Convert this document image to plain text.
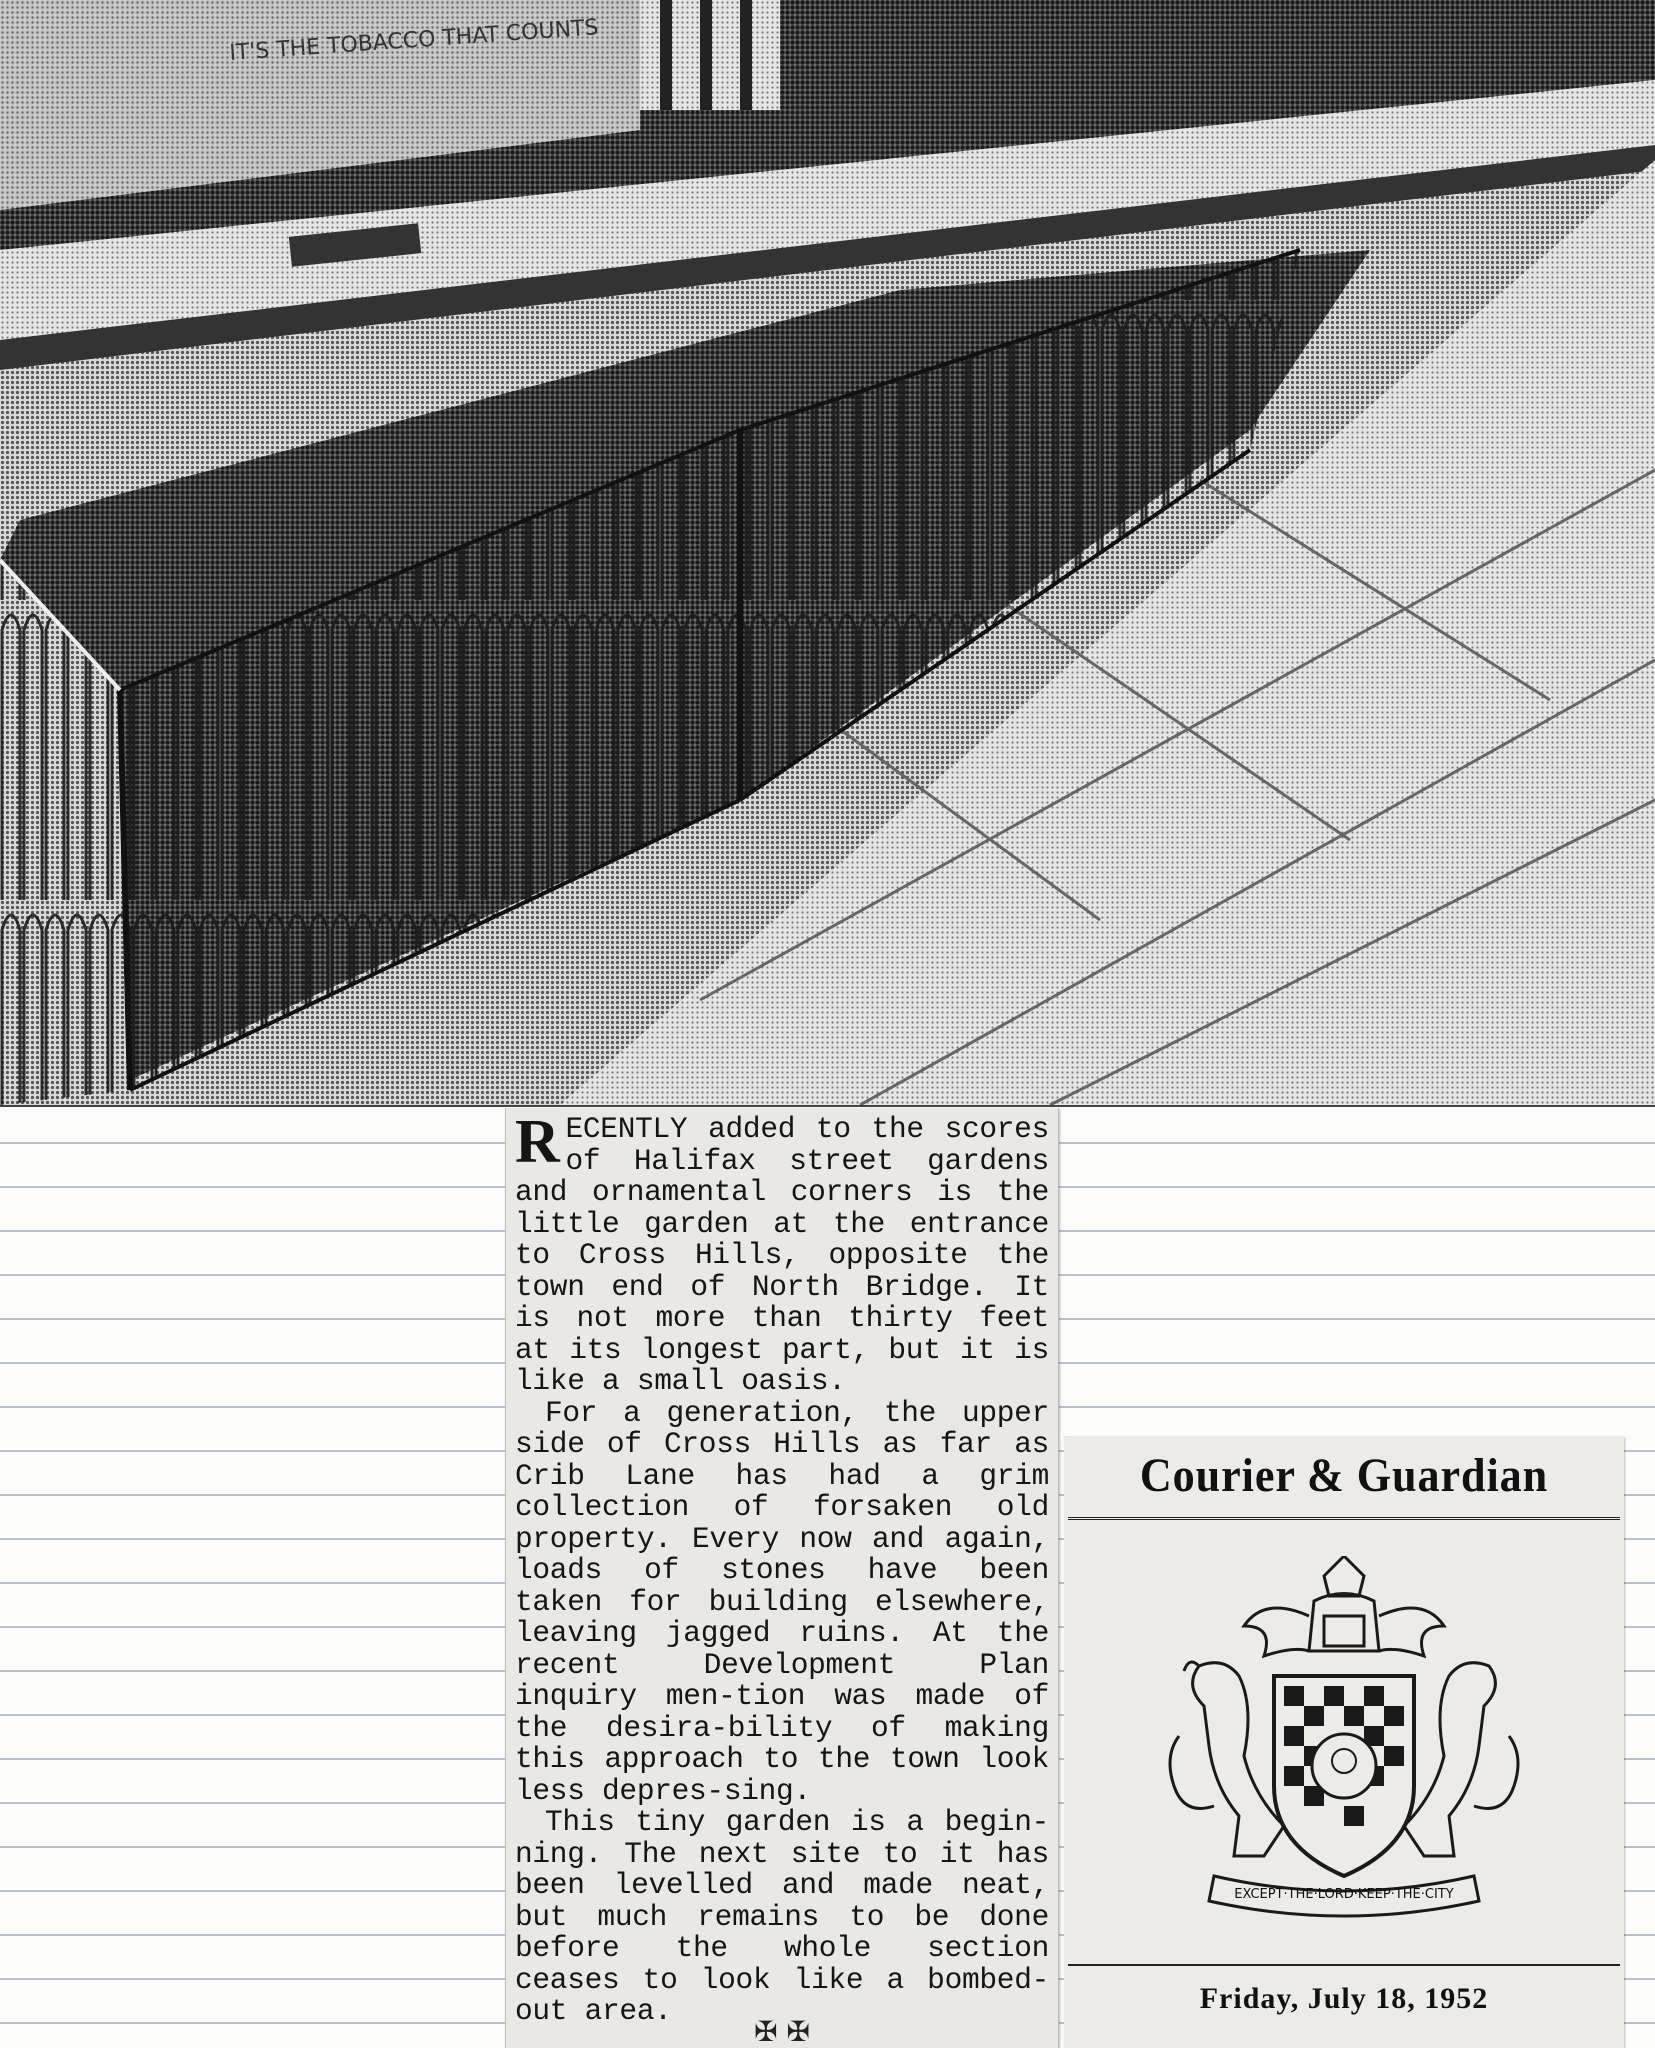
IT'S THE TOBACCO THAT COUNTS

RECENTLY added to the scores of Halifax street gardens and ornamental corners is the little garden at the entrance to Cross Hills, opposite the town end of North Bridge. It is not more than thirty feet at its longest part, but it is like a small oasis.

For a generation, the upper side of Cross Hills as far as Crib Lane has had a grim collection of forsaken old property. Every now and again, loads of stones have been taken for building elsewhere, leaving jagged ruins. At the recent Development Plan inquiry men-tion was made of the desira-bility of making this approach to the town look less depres-sing.

This tiny garden is a begin-ning. The next site to it has been levelled and made neat, but much remains to be done before the whole section ceases to look like a bombed-out area.

✠ ✠
Courier & Guardian
EXCEPT·THE·LORD·KEEP·THE·CITY
Friday, July 18, 1952
